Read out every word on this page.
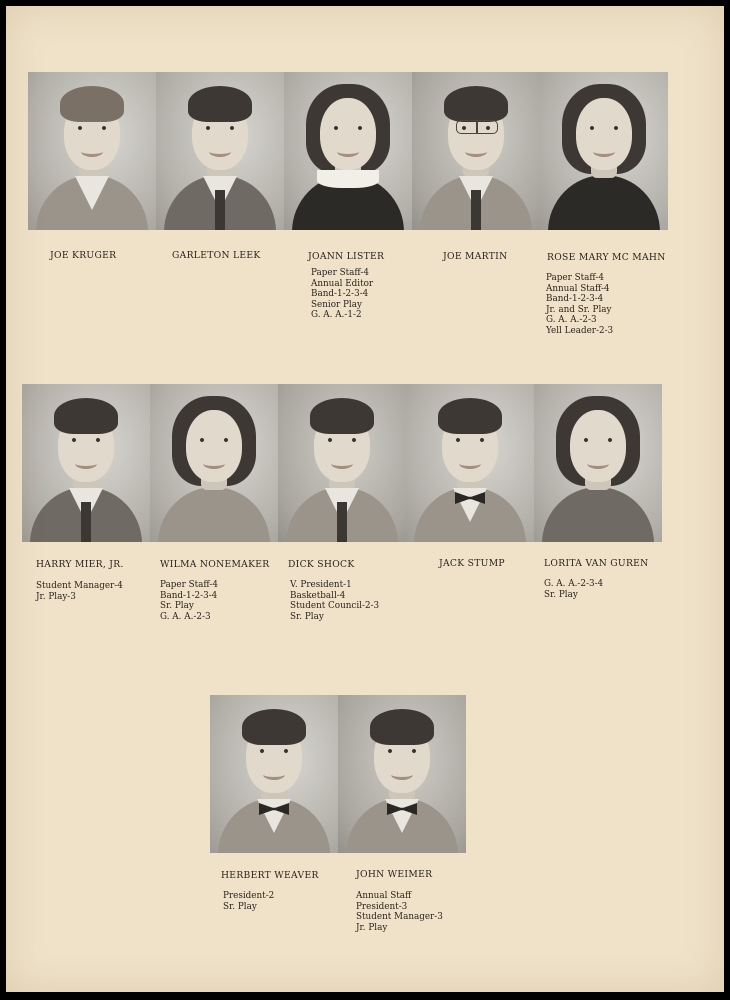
JOE KRUGER	GARLETON LEEK	JOANN LISTER	JOE MARTIN	ROSE MARY MC MAHN
Paper Staff-4
Annual Editor
Band-1-2-3-4
Senior Play
G. A. A.-1-2
Paper Staff-4
Annual Staff-4
Band-1-2-3-4
Jr. and Sr. Play
G. A. A.-2-3
Yell Leader-2-3
HARRY MIER, JR.	WILMA NONEMAKER DICK SHOCK	JACK STUMP	LORITA VAN GUREN
Student Manager-4
Jr. Play-3
Paper Staff-4
Band-1-2-3-4
Sr. Play
G. A. A.-2-3
V. President-1
Basketball-4
Student Council-2-3
Sr. Play
G. A. A.-2-3-4
Sr. Play
HERBERT WEAVER	JOHN WEIMER
President-2
Sr. Play
Annual Staff
President-3
Student Manager-3
Jr. Play
